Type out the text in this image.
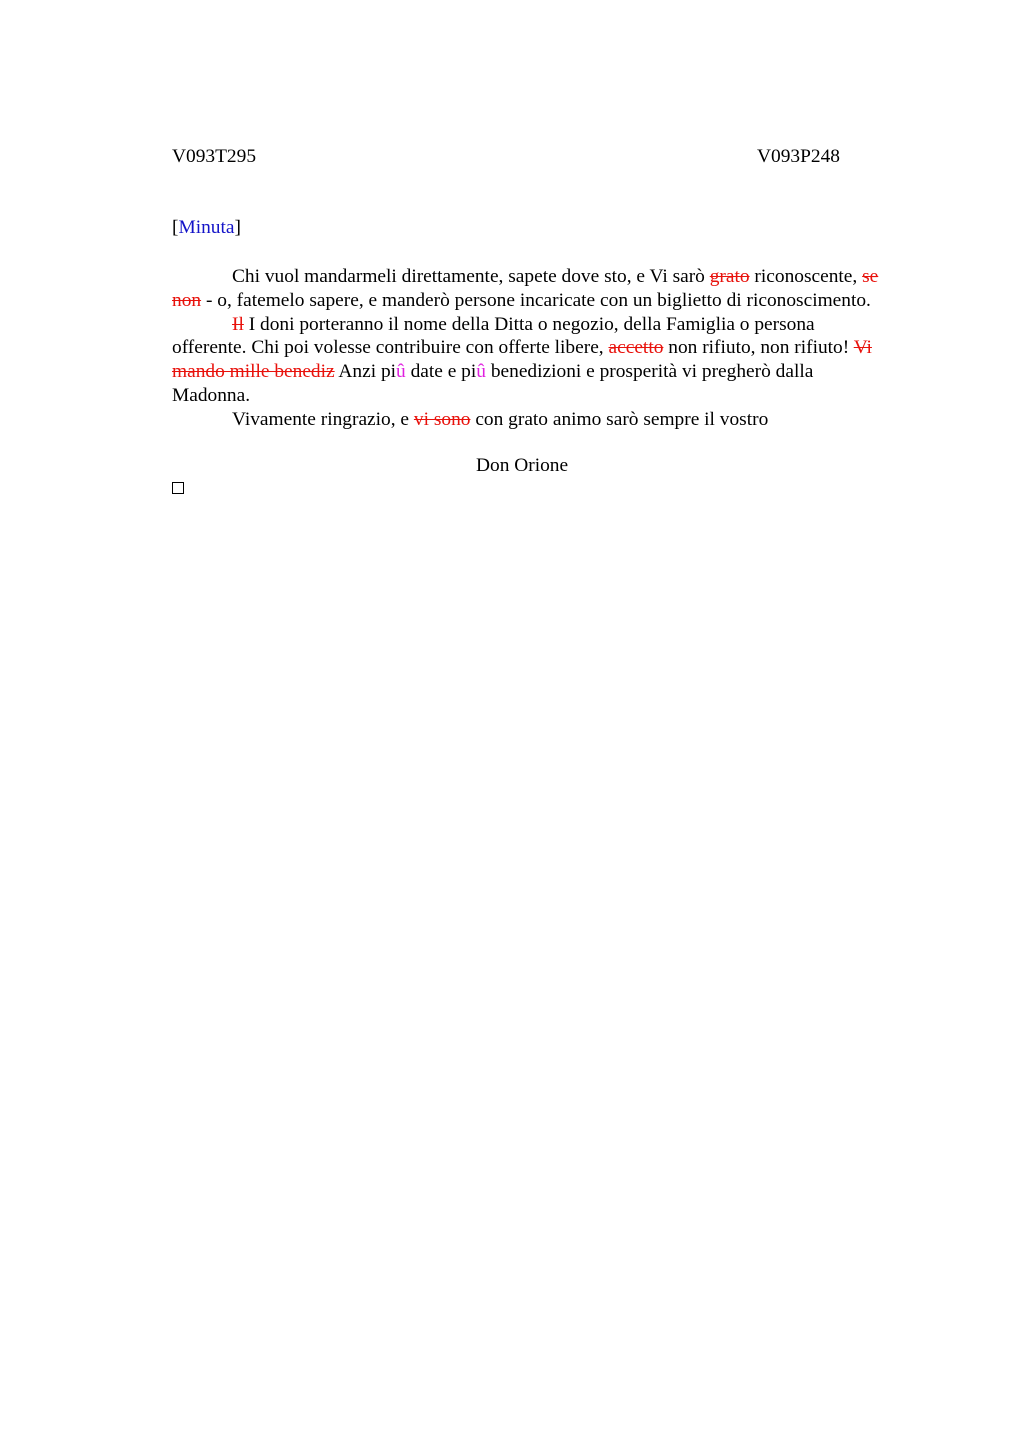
V093T295	V093P248
[Minuta]

Chi vuol mandarmeli direttamente, sapete dove sto, e Vi sarò grato riconoscente, se
non - o, fatemelo sapere, e manderò persone incaricate con un biglietto di riconoscimento.

Il I doni porteranno il nome della Ditta o negozio, della Famiglia o persona
offerente. Chi poi volesse contribuire con offerte libere, accetto non rifiuto, non rifiuto! Vi
mando mille benediz Anzi piû date e piû benedizioni e prosperità vi pregherò dalla
Madonna.

Vivamente ringrazio, e vi sono con grato animo sarò sempre il vostro

Don Orione
